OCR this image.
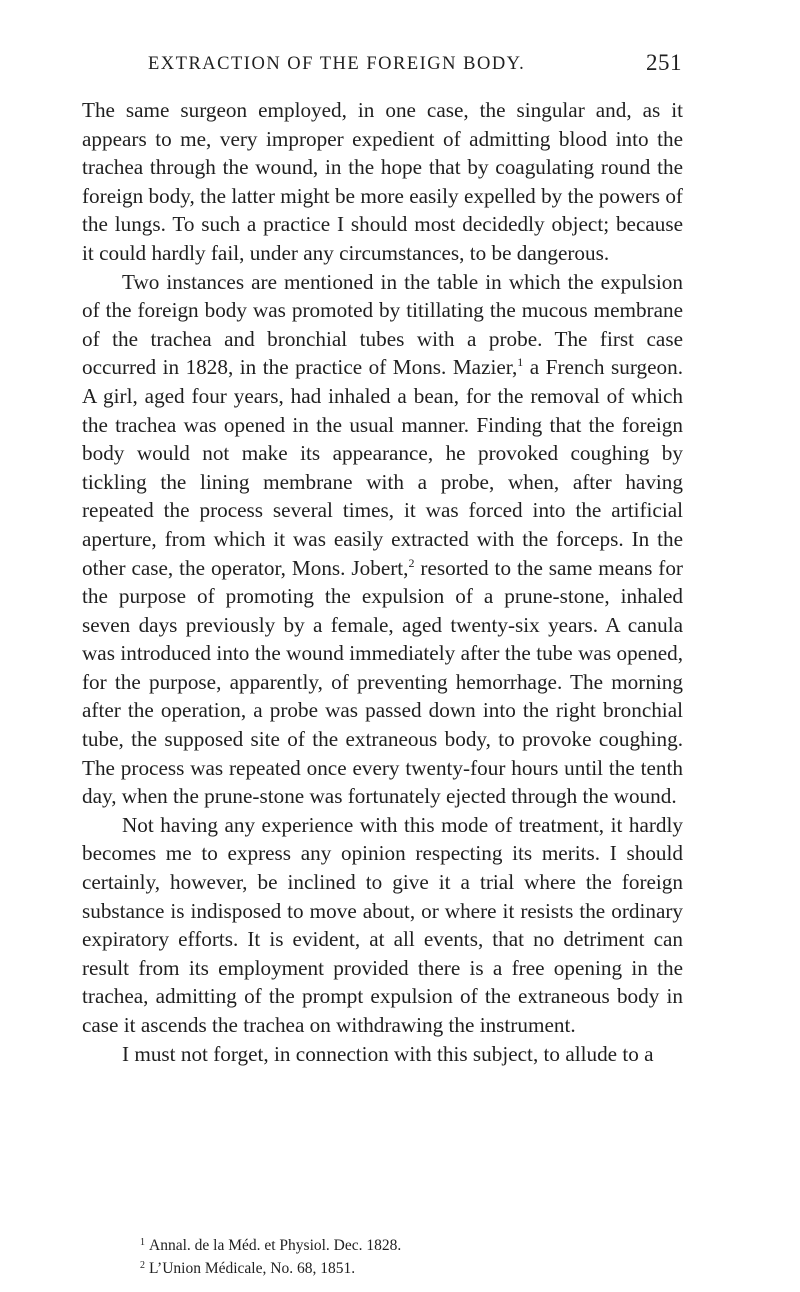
EXTRACTION OF THE FOREIGN BODY.	251

The same surgeon employed, in one case, the singular and, as it appears to me, very improper expedient of admitting blood into the trachea through the wound, in the hope that by coagulating round the foreign body, the latter might be more easily expelled by the powers of the lungs. To such a practice I should most decidedly object; because it could hardly fail, under any circumstances, to be dangerous.

Two instances are mentioned in the table in which the expulsion of the foreign body was promoted by titillating the mucous membrane of the trachea and bronchial tubes with a probe. The first case occurred in 1828, in the practice of Mons. Mazier,$^1$ a French surgeon. A girl, aged four years, had inhaled a bean, for the removal of which the trachea was opened in the usual manner. Finding that the foreign body would not make its appearance, he provoked coughing by tickling the lining membrane with a probe, when, after having repeated the process several times, it was forced into the artificial aperture, from which it was easily extracted with the forceps. In the other case, the operator, Mons. Jobert,$^2$ resorted to the same means for the purpose of promoting the expulsion of a prune-stone, inhaled seven days previously by a female, aged twenty-six years. A canula was introduced into the wound immediately after the tube was opened, for the purpose, apparently, of preventing hemorrhage. The morning after the operation, a probe was passed down into the right bronchial tube, the supposed site of the extraneous body, to provoke coughing. The process was repeated once every twenty-four hours until the tenth day, when the prune-stone was fortunately ejected through the wound.

Not having any experience with this mode of treatment, it hardly becomes me to express any opinion respecting its merits. I should certainly, however, be inclined to give it a trial where the foreign substance is indisposed to move about, or where it resists the ordinary expiratory efforts. It is evident, at all events, that no detriment can result from its employment provided there is a free opening in the trachea, admitting of the prompt expulsion of the extraneous body in case it ascends the trachea on withdrawing the instrument.

I must not forget, in connection with this subject, to allude to a

$^1$ Annal. de la Méd. et Physiol. Dec. 1828.
$^2$ L’Union Médicale, No. 68, 1851.
